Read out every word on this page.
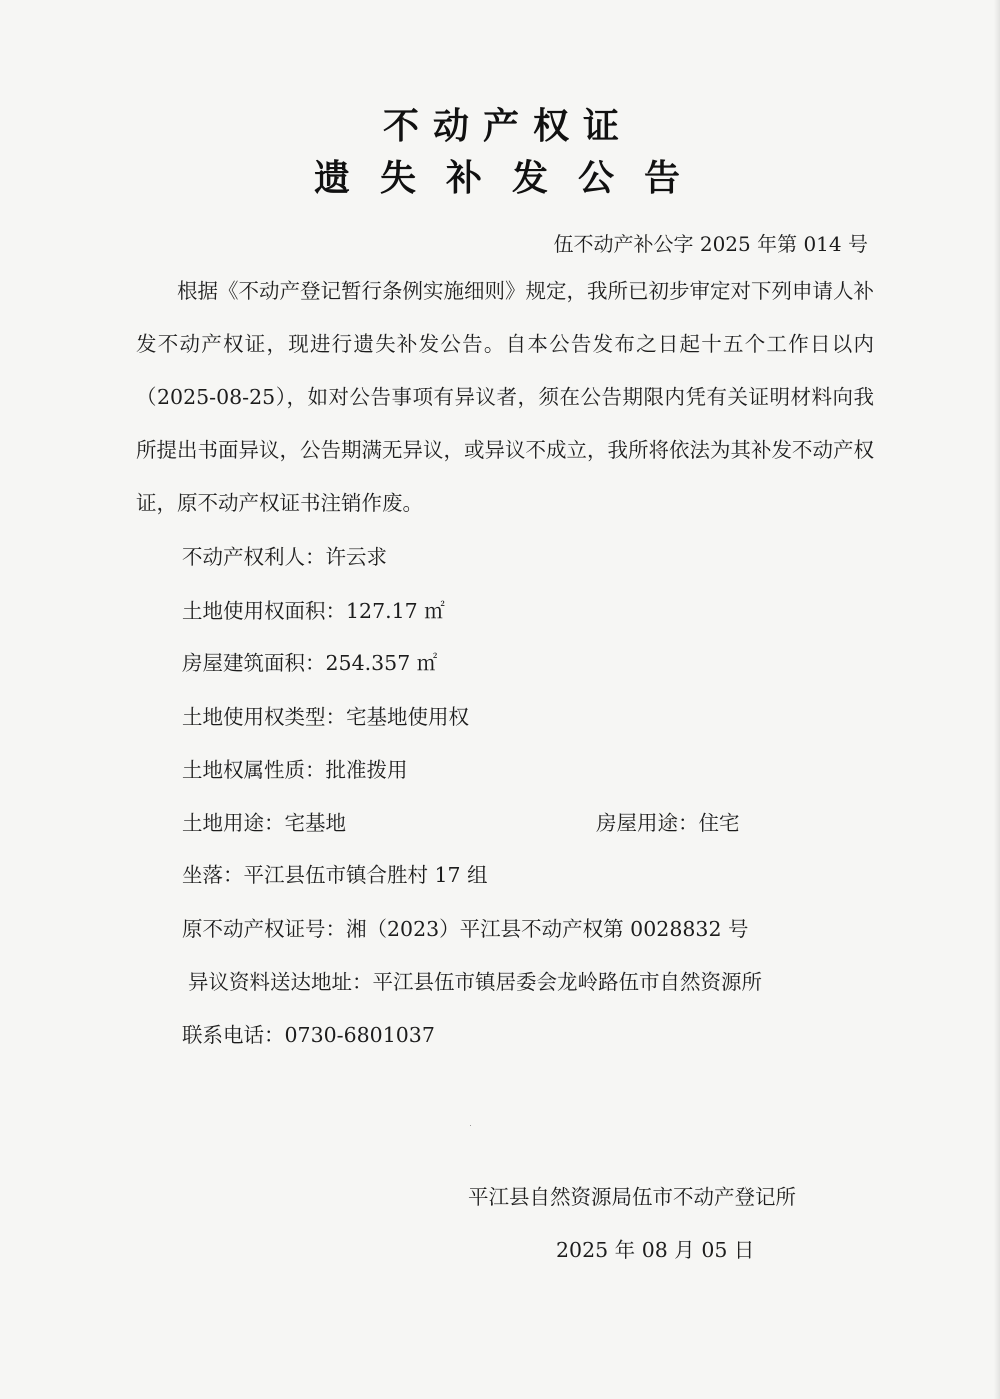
不动产权证
遗失补发公告
伍不动产补公字 2025 年第 014 号
根据《不动产登记暂行条例实施细则》规定，我所已初步审定对下列申请人补发不动产权证，现进行遗失补发公告。自本公告发布之日起十五个工作日以内（2025-08-25），如对公告事项有异议者，须在公告期限内凭有关证明材料向我所提出书面异议，公告期满无异议，或异议不成立，我所将依法为其补发不动产权证，原不动产权证书注销作废。
不动产权利人：许云求
土地使用权面积：127.17 ㎡
房屋建筑面积：254.357 ㎡
土地使用权类型：宅基地使用权
土地权属性质：批准拨用
土地用途：宅基地	房屋用途：住宅
坐落：平江县伍市镇合胜村 17 组
原不动产权证号：湘（2023）平江县不动产权第 0028832 号
异议资料送达地址：平江县伍市镇居委会龙岭路伍市自然资源所
联系电话：0730-6801037
平江县自然资源局伍市不动产登记所
2025 年 08 月 05 日
